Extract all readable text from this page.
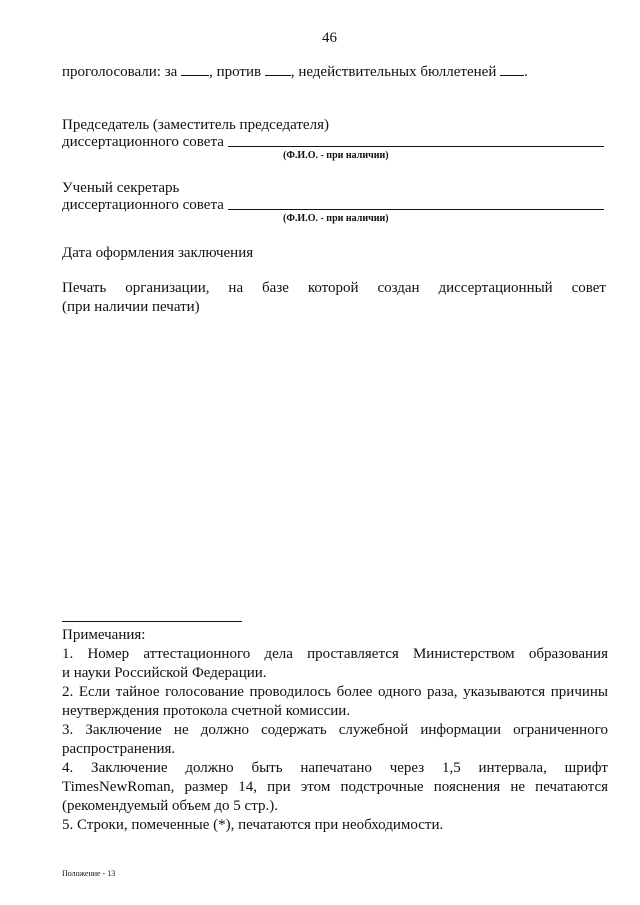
46
проголосовали: за , против , недействительных бюллетеней .
Председатель (заместитель председателя)
диссертационного совета
(Ф.И.О. - при наличии)
Ученый секретарь
диссертационного совета
(Ф.И.О. - при наличии)
Дата оформления заключения
Печать организации, на базе которой создан диссертационный совет
(при наличии печати)
Примечания:
1. Номер аттестационного дела проставляется Министерством образования
и науки Российской Федерации.
2. Если тайное голосование проводилось более одного раза, указываются причины
неутверждения протокола счетной комиссии.
3. Заключение не должно содержать служебной информации ограниченного
распространения.
4. Заключение должно быть напечатано через 1,5 интервала, шрифт
TimesNewRoman, размер 14, при этом подстрочные пояснения не печатаются
(рекомендуемый объем до 5 стр.).
5. Строки, помеченные (*), печатаются при необходимости.
Положение - 13
